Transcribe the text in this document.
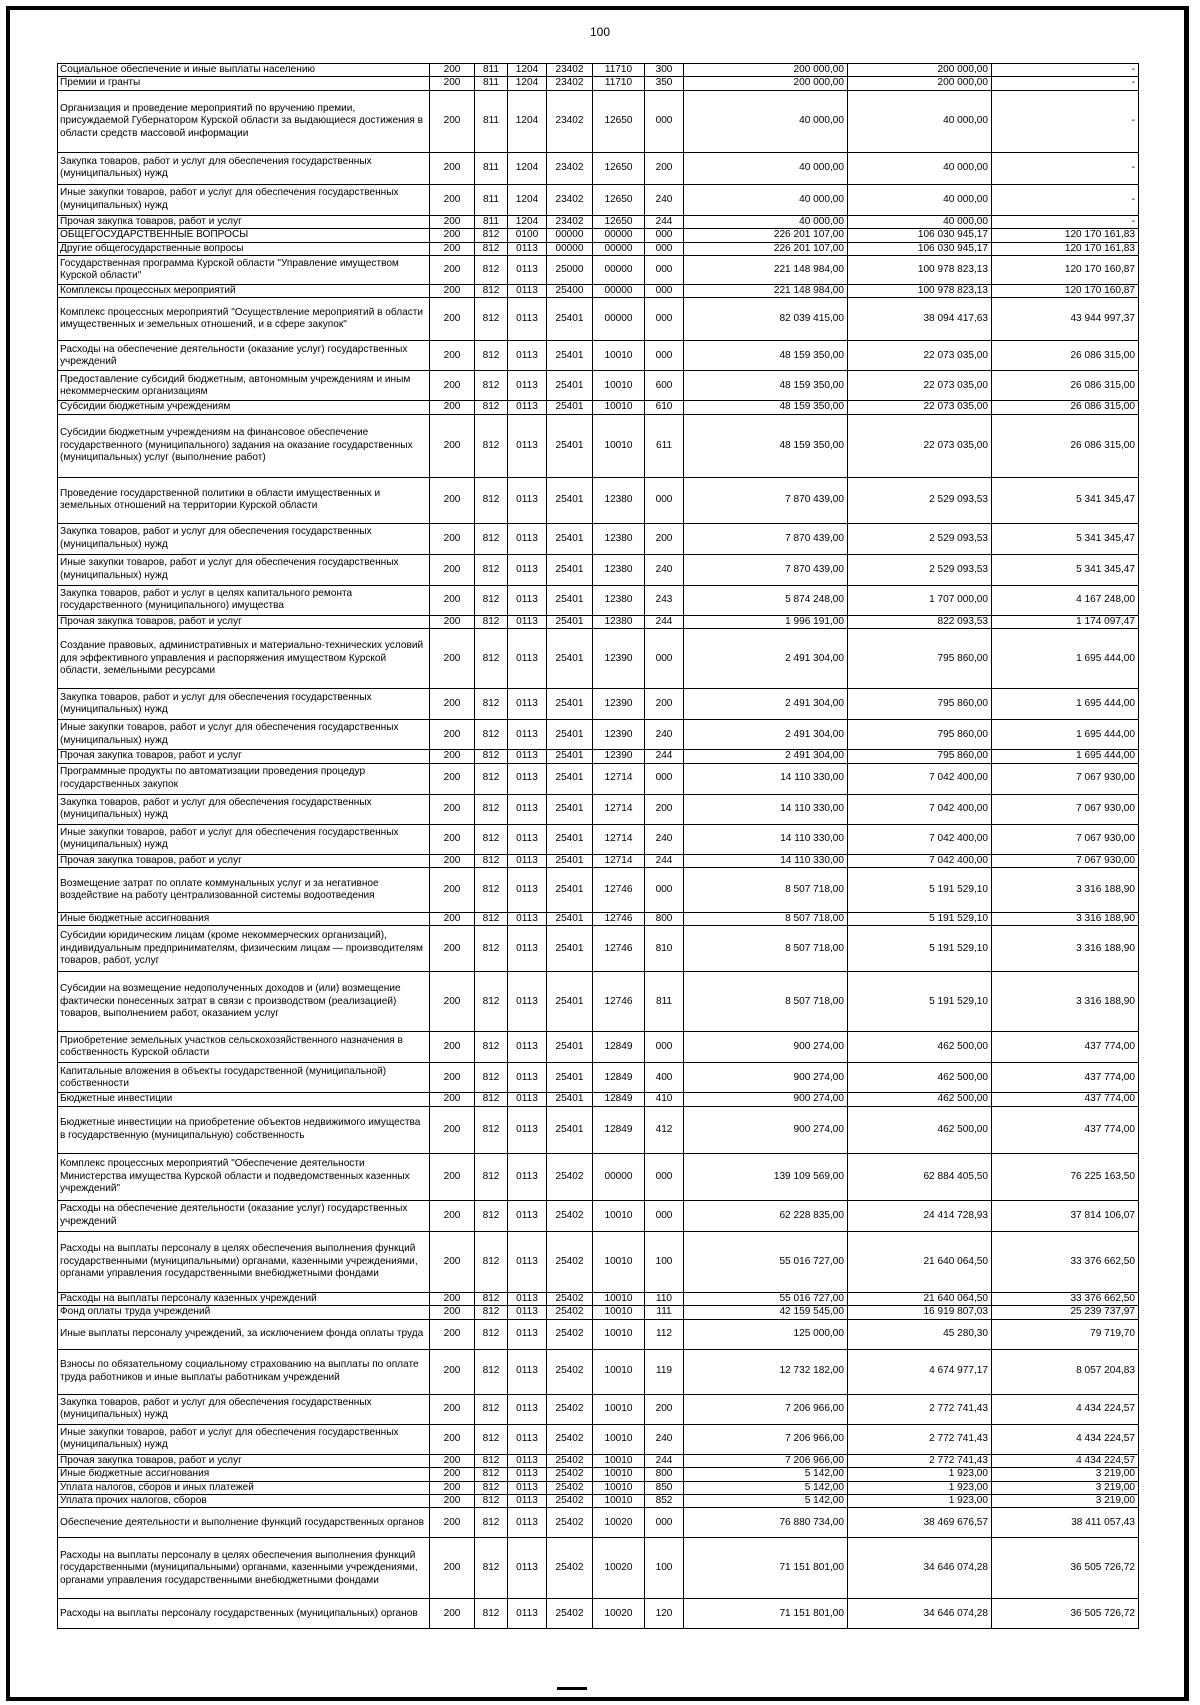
100
Социальное обеспечение и иные выплаты населению	200	811	1204	23402	11710	300	200 000,00	200 000,00	-
Премии и гранты	200	811	1204	23402	11710	350	200 000,00	200 000,00	-
Организация и проведение мероприятий по вручению премии, присуждаемой Губернатором Курской области за выдающиеся достижения в области средств массовой информации	200	811	1204	23402	12650	000	40 000,00	40 000,00	-
Закупка товаров, работ и услуг для обеспечения государственных (муниципальных) нужд	200	811	1204	23402	12650	200	40 000,00	40 000,00	-
Иные закупки товаров, работ и услуг для обеспечения государственных (муниципальных) нужд	200	811	1204	23402	12650	240	40 000,00	40 000,00	-
Прочая закупка товаров, работ и услуг	200	811	1204	23402	12650	244	40 000,00	40 000,00	-
ОБЩЕГОСУДАРСТВЕННЫЕ ВОПРОСЫ	200	812	0100	00000	00000	000	226 201 107,00	106 030 945,17	120 170 161,83
Другие общегосударственные вопросы	200	812	0113	00000	00000	000	226 201 107,00	106 030 945,17	120 170 161,83
Государственная программа Курской области "Управление имуществом Курской области"	200	812	0113	25000	00000	000	221 148 984,00	100 978 823,13	120 170 160,87
Комплексы процессных мероприятий	200	812	0113	25400	00000	000	221 148 984,00	100 978 823,13	120 170 160,87
Комплекс процессных мероприятий "Осуществление мероприятий в области имущественных и земельных отношений, и в сфере закупок"	200	812	0113	25401	00000	000	82 039 415,00	38 094 417,63	43 944 997,37
Расходы на обеспечение деятельности (оказание услуг) государственных учреждений	200	812	0113	25401	10010	000	48 159 350,00	22 073 035,00	26 086 315,00
Предоставление субсидий бюджетным, автономным учреждениям и иным некоммерческим организациям	200	812	0113	25401	10010	600	48 159 350,00	22 073 035,00	26 086 315,00
Субсидии бюджетным учреждениям	200	812	0113	25401	10010	610	48 159 350,00	22 073 035,00	26 086 315,00
Субсидии бюджетным учреждениям на финансовое обеспечение государственного (муниципального) задания на оказание государственных (муниципальных) услуг (выполнение работ)	200	812	0113	25401	10010	611	48 159 350,00	22 073 035,00	26 086 315,00
Проведение государственной политики в области имущественных и земельных отношений на территории Курской области	200	812	0113	25401	12380	000	7 870 439,00	2 529 093,53	5 341 345,47
Закупка товаров, работ и услуг для обеспечения государственных (муниципальных) нужд	200	812	0113	25401	12380	200	7 870 439,00	2 529 093,53	5 341 345,47
Иные закупки товаров, работ и услуг для обеспечения государственных (муниципальных) нужд	200	812	0113	25401	12380	240	7 870 439,00	2 529 093,53	5 341 345,47
Закупка товаров, работ и услуг в целях капитального ремонта государственного (муниципального) имущества	200	812	0113	25401	12380	243	5 874 248,00	1 707 000,00	4 167 248,00
Прочая закупка товаров, работ и услуг	200	812	0113	25401	12380	244	1 996 191,00	822 093,53	1 174 097,47
Создание правовых, административных и материально-технических условий для эффективного управления и распоряжения имуществом Курской области, земельными ресурсами	200	812	0113	25401	12390	000	2 491 304,00	795 860,00	1 695 444,00
Закупка товаров, работ и услуг для обеспечения государственных (муниципальных) нужд	200	812	0113	25401	12390	200	2 491 304,00	795 860,00	1 695 444,00
Иные закупки товаров, работ и услуг для обеспечения государственных (муниципальных) нужд	200	812	0113	25401	12390	240	2 491 304,00	795 860,00	1 695 444,00
Прочая закупка товаров, работ и услуг	200	812	0113	25401	12390	244	2 491 304,00	795 860,00	1 695 444,00
Программные продукты по автоматизации проведения процедур государственных закупок	200	812	0113	25401	12714	000	14 110 330,00	7 042 400,00	7 067 930,00
Закупка товаров, работ и услуг для обеспечения государственных (муниципальных) нужд	200	812	0113	25401	12714	200	14 110 330,00	7 042 400,00	7 067 930,00
Иные закупки товаров, работ и услуг для обеспечения государственных (муниципальных) нужд	200	812	0113	25401	12714	240	14 110 330,00	7 042 400,00	7 067 930,00
Прочая закупка товаров, работ и услуг	200	812	0113	25401	12714	244	14 110 330,00	7 042 400,00	7 067 930,00
Возмещение затрат по оплате коммунальных услуг и за негативное воздействие на работу централизованной системы водоотведения	200	812	0113	25401	12746	000	8 507 718,00	5 191 529,10	3 316 188,90
Иные бюджетные ассигнования	200	812	0113	25401	12746	800	8 507 718,00	5 191 529,10	3 316 188,90
Субсидии юридическим лицам (кроме некоммерческих организаций), индивидуальным предпринимателям, физическим лицам — производителям товаров, работ, услуг	200	812	0113	25401	12746	810	8 507 718,00	5 191 529,10	3 316 188,90
Субсидии на возмещение недополученных доходов и (или) возмещение фактически понесенных затрат в связи с производством (реализацией) товаров, выполнением работ, оказанием услуг	200	812	0113	25401	12746	811	8 507 718,00	5 191 529,10	3 316 188,90
Приобретение земельных участков сельскохозяйственного назначения в собственность Курской области	200	812	0113	25401	12849	000	900 274,00	462 500,00	437 774,00
Капитальные вложения в объекты государственной (муниципальной) собственности	200	812	0113	25401	12849	400	900 274,00	462 500,00	437 774,00
Бюджетные инвестиции	200	812	0113	25401	12849	410	900 274,00	462 500,00	437 774,00
Бюджетные инвестиции на приобретение объектов недвижимого имущества в государственную (муниципальную) собственность	200	812	0113	25401	12849	412	900 274,00	462 500,00	437 774,00
Комплекс процессных мероприятий "Обеспечение деятельности Министерства имущества Курской области и подведомственных казенных учреждений"	200	812	0113	25402	00000	000	139 109 569,00	62 884 405,50	76 225 163,50
Расходы на обеспечение деятельности (оказание услуг) государственных учреждений	200	812	0113	25402	10010	000	62 228 835,00	24 414 728,93	37 814 106,07
Расходы на выплаты персоналу в целях обеспечения выполнения функций государственными (муниципальными) органами, казенными учреждениями, органами управления государственными внебюджетными фондами	200	812	0113	25402	10010	100	55 016 727,00	21 640 064,50	33 376 662,50
Расходы на выплаты персоналу казенных учреждений	200	812	0113	25402	10010	110	55 016 727,00	21 640 064,50	33 376 662,50
Фонд оплаты труда учреждений	200	812	0113	25402	10010	111	42 159 545,00	16 919 807,03	25 239 737,97
Иные выплаты персоналу учреждений, за исключением фонда оплаты труда	200	812	0113	25402	10010	112	125 000,00	45 280,30	79 719,70
Взносы по обязательному социальному страхованию на выплаты по оплате труда работников и иные выплаты работникам учреждений	200	812	0113	25402	10010	119	12 732 182,00	4 674 977,17	8 057 204,83
Закупка товаров, работ и услуг для обеспечения государственных (муниципальных) нужд	200	812	0113	25402	10010	200	7 206 966,00	2 772 741,43	4 434 224,57
Иные закупки товаров, работ и услуг для обеспечения государственных (муниципальных) нужд	200	812	0113	25402	10010	240	7 206 966,00	2 772 741,43	4 434 224,57
Прочая закупка товаров, работ и услуг	200	812	0113	25402	10010	244	7 206 966,00	2 772 741,43	4 434 224,57
Иные бюджетные ассигнования	200	812	0113	25402	10010	800	5 142,00	1 923,00	3 219,00
Уплата налогов, сборов и иных платежей	200	812	0113	25402	10010	850	5 142,00	1 923,00	3 219,00
Уплата прочих налогов, сборов	200	812	0113	25402	10010	852	5 142,00	1 923,00	3 219,00
Обеспечение деятельности и выполнение функций государственных органов	200	812	0113	25402	10020	000	76 880 734,00	38 469 676,57	38 411 057,43
Расходы на выплаты персоналу в целях обеспечения выполнения функций государственными (муниципальными) органами, казенными учреждениями, органами управления государственными внебюджетными фондами	200	812	0113	25402	10020	100	71 151 801,00	34 646 074,28	36 505 726,72
Расходы на выплаты персоналу государственных (муниципальных) органов	200	812	0113	25402	10020	120	71 151 801,00	34 646 074,28	36 505 726,72
